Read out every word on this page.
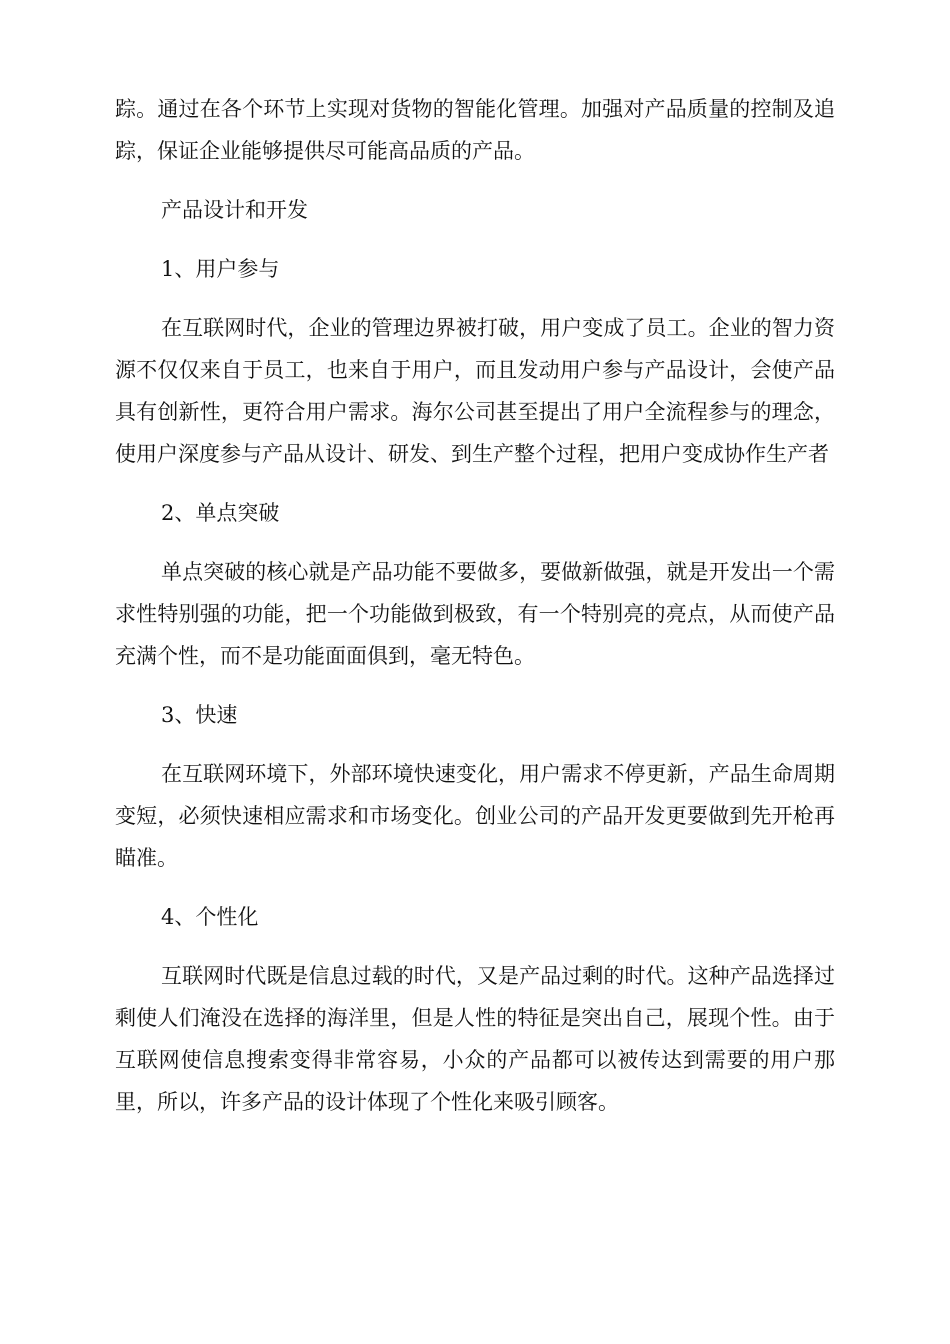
踪。通过在各个环节上实现对货物的智能化管理。加强对产品质量的控制及追踪，保证企业能够提供尽可能高品质的产品。

产品设计和开发

1、用户参与

在互联网时代，企业的管理边界被打破，用户变成了员工。企业的智力资源不仅仅来自于员工，也来自于用户，而且发动用户参与产品设计，会使产品具有创新性，更符合用户需求。海尔公司甚至提出了用户全流程参与的理念，使用户深度参与产品从设计、研发、到生产整个过程，把用户变成协作生产者

2、单点突破

单点突破的核心就是产品功能不要做多，要做新做强，就是开发出一个需求性特别强的功能，把一个功能做到极致，有一个特别亮的亮点，从而使产品充满个性，而不是功能面面俱到，毫无特色。

3、快速

在互联网环境下，外部环境快速变化，用户需求不停更新，产品生命周期变短，必须快速相应需求和市场变化。创业公司的产品开发更要做到先开枪再瞄准。

4、个性化

互联网时代既是信息过载的时代，又是产品过剩的时代。这种产品选择过剩使人们淹没在选择的海洋里，但是人性的特征是突出自己，展现个性。由于互联网使信息搜索变得非常容易，小众的产品都可以被传达到需要的用户那里，所以，许多产品的设计体现了个性化来吸引顾客。
